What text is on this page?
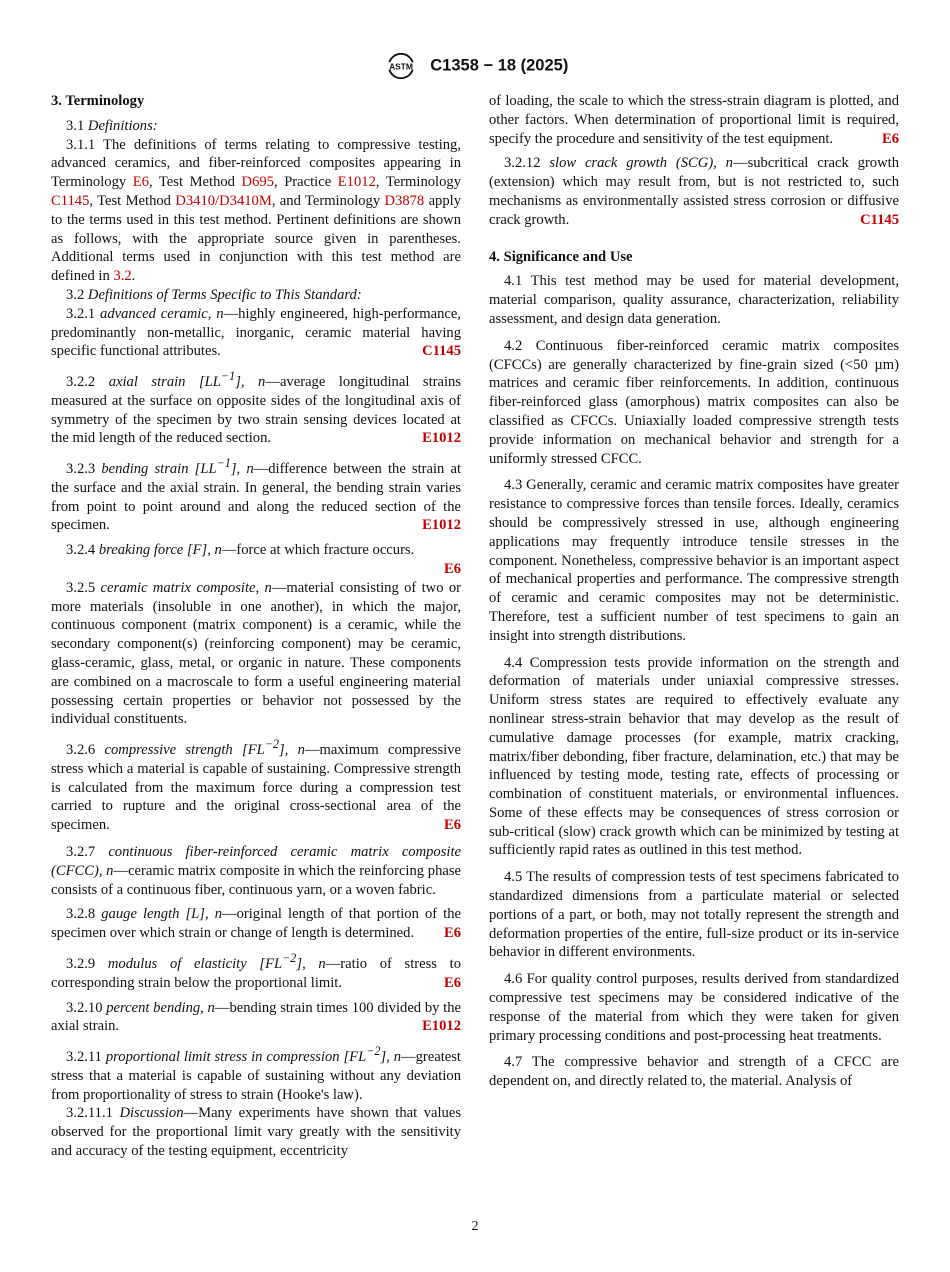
ASTM C1358 − 18 (2025)

3. Terminology

3.1 Definitions:

3.1.1 The definitions of terms relating to compressive testing, advanced ceramics, and fiber-reinforced composites appearing in Terminology E6, Test Method D695, Practice E1012, Terminology C1145, Test Method D3410/D3410M, and Terminology D3878 apply to the terms used in this test method. Pertinent definitions are shown as follows, with the appropriate source given in parentheses. Additional terms used in conjunction with this test method are defined in 3.2.

3.2 Definitions of Terms Specific to This Standard:

3.2.1 advanced ceramic, n—highly engineered, high-performance, predominantly non-metallic, inorganic, ceramic material having specific functional attributes.	C1145

3.2.2 axial strain $[LL^{-1}]$, n—average longitudinal strains measured at the surface on opposite sides of the longitudinal axis of symmetry of the specimen by two strain sensing devices located at the mid length of the reduced section.	E1012

3.2.3 bending strain $[LL^{-1}]$, n—difference between the strain at the surface and the axial strain. In general, the bending strain varies from point to point around and along the reduced section of the specimen.	E1012

3.2.4 breaking force [F], n—force at which fracture occurs.

E6

3.2.5 ceramic matrix composite, n—material consisting of two or more materials (insoluble in one another), in which the major, continuous component (matrix component) is a ceramic, while the secondary component(s) (reinforcing component) may be ceramic, glass-ceramic, glass, metal, or organic in nature. These components are combined on a macroscale to form a useful engineering material possessing certain properties or behavior not possessed by the individual constituents.

3.2.6 compressive strength $[FL^{-2}]$, n—maximum compressive stress which a material is capable of sustaining. Compressive strength is calculated from the maximum force during a compression test carried to rupture and the original cross-sectional area of the specimen.	E6

3.2.7 continuous fiber-reinforced ceramic matrix composite (CFCC), n—ceramic matrix composite in which the reinforcing phase consists of a continuous fiber, continuous yarn, or a woven fabric.

3.2.8 gauge length [L], n—original length of that portion of the specimen over which strain or change of length is determined.	E6

3.2.9 modulus of elasticity $[FL^{-2}]$, n—ratio of stress to corresponding strain below the proportional limit.	E6

3.2.10 percent bending, n—bending strain times 100 divided by the axial strain.	E1012

3.2.11 proportional limit stress in compression $[FL^{-2}]$, n—greatest stress that a material is capable of sustaining without any deviation from proportionality of stress to strain (Hooke's law).

3.2.11.1 Discussion—Many experiments have shown that values observed for the proportional limit vary greatly with the sensitivity and accuracy of the testing equipment, eccentricity

of loading, the scale to which the stress-strain diagram is plotted, and other factors. When determination of proportional limit is required, specify the procedure and sensitivity of the test equipment.	E6

3.2.12 slow crack growth (SCG), n—subcritical crack growth (extension) which may result from, but is not restricted to, such mechanisms as environmentally assisted stress corrosion or diffusive crack growth.	C1145

4. Significance and Use

4.1 This test method may be used for material development, material comparison, quality assurance, characterization, reliability assessment, and design data generation.

4.2 Continuous fiber-reinforced ceramic matrix composites (CFCCs) are generally characterized by fine-grain sized (<50 µm) matrices and ceramic fiber reinforcements. In addition, continuous fiber-reinforced glass (amorphous) matrix composites can also be classified as CFCCs. Uniaxially loaded compressive strength tests provide information on mechanical behavior and strength for a uniformly stressed CFCC.

4.3 Generally, ceramic and ceramic matrix composites have greater resistance to compressive forces than tensile forces. Ideally, ceramics should be compressively stressed in use, although engineering applications may frequently introduce tensile stresses in the component. Nonetheless, compressive behavior is an important aspect of mechanical properties and performance. The compressive strength of ceramic and ceramic composites may not be deterministic. Therefore, test a sufficient number of test specimens to gain an insight into strength distributions.

4.4 Compression tests provide information on the strength and deformation of materials under uniaxial compressive stresses. Uniform stress states are required to effectively evaluate any nonlinear stress-strain behavior that may develop as the result of cumulative damage processes (for example, matrix cracking, matrix/fiber debonding, fiber fracture, delamination, etc.) that may be influenced by testing mode, testing rate, effects of processing or combination of constituent materials, or environmental influences. Some of these effects may be consequences of stress corrosion or sub-critical (slow) crack growth which can be minimized by testing at sufficiently rapid rates as outlined in this test method.

4.5 The results of compression tests of test specimens fabricated to standardized dimensions from a particulate material or selected portions of a part, or both, may not totally represent the strength and deformation properties of the entire, full-size product or its in-service behavior in different environments.

4.6 For quality control purposes, results derived from standardized compressive test specimens may be considered indicative of the response of the material from which they were taken for given primary processing conditions and post-processing heat treatments.

4.7 The compressive behavior and strength of a CFCC are dependent on, and directly related to, the material. Analysis of

2
